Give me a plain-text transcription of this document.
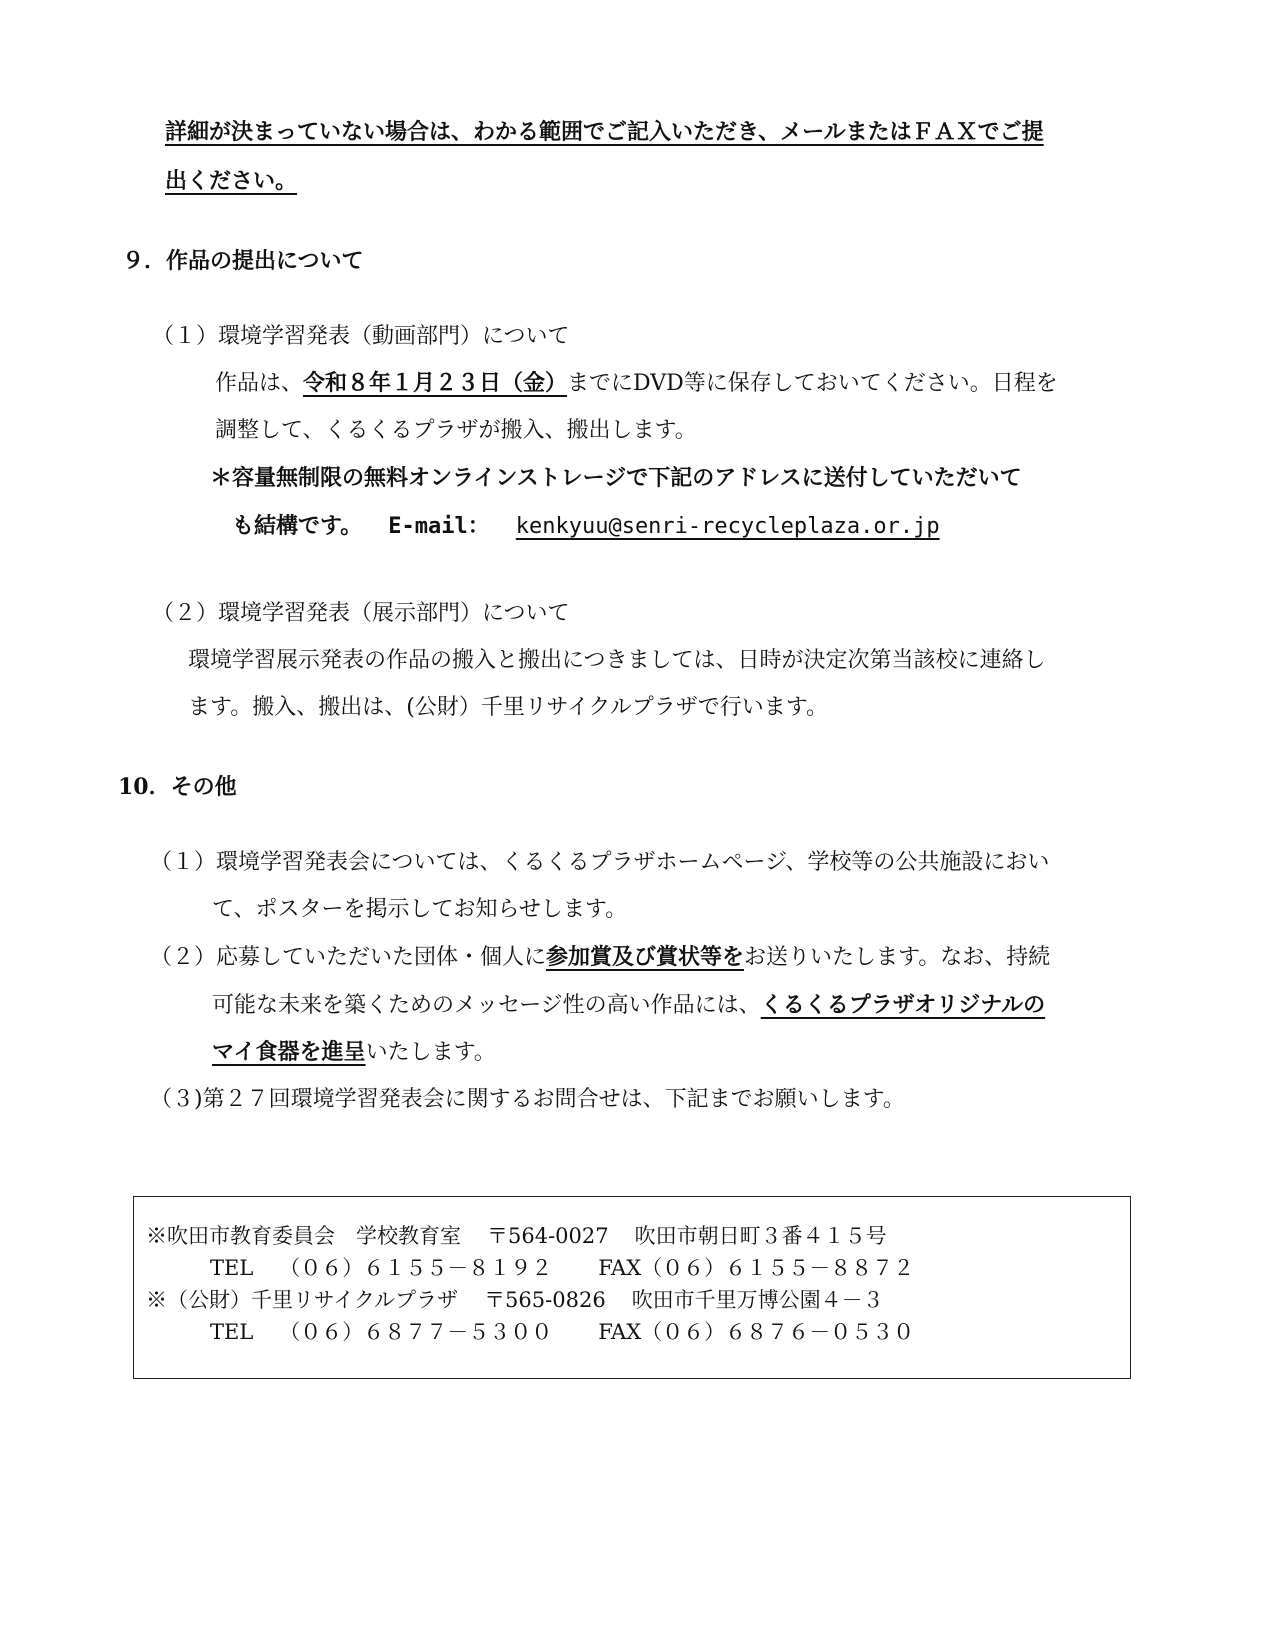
詳細が決まっていない場合は、わかる範囲でご記入いただき、メールまたはＦＡＸでご提
出ください。
９．作品の提出について
（１）環境学習発表（動画部門）について
作品は、令和８年１月２３日（金）までにDVD等に保存しておいてください。日程を
調整して、くるくるプラザが搬入、搬出します。
＊容量無制限の無料オンラインストレージで下記のアドレスに送付していただいて
も結構です。 E-mail： kenkyuu@senri-recycleplaza.or.jp
（２）環境学習発表（展示部門）について
環境学習展示発表の作品の搬入と搬出につきましては、日時が決定次第当該校に連絡し
ます。搬入、搬出は、(公財）千里リサイクルプラザで行います。
10．その他
（１）環境学習発表会については、くるくるプラザホームページ、学校等の公共施設におい
て、ポスターを掲示してお知らせします。
（２）応募していただいた団体・個人に参加賞及び賞状等をお送りいたします。なお、持続
可能な未来を築くためのメッセージ性の高い作品には、くるくるプラザオリジナルの
マイ食器を進呈いたします。
（３)第２７回環境学習発表会に関するお問合せは、下記までお願いします。
※吹田市教育委員会　学校教育室 〒564-0027 吹田市朝日町３番４１５号
TEL （０６）６１５５－８１９２ FAX（０６）６１５５－８８７２
※（公財）千里リサイクルプラザ 〒565-0826 吹田市千里万博公園４－３
TEL （０６）６８７７－５３００ FAX（０６）６８７６－０５３０
